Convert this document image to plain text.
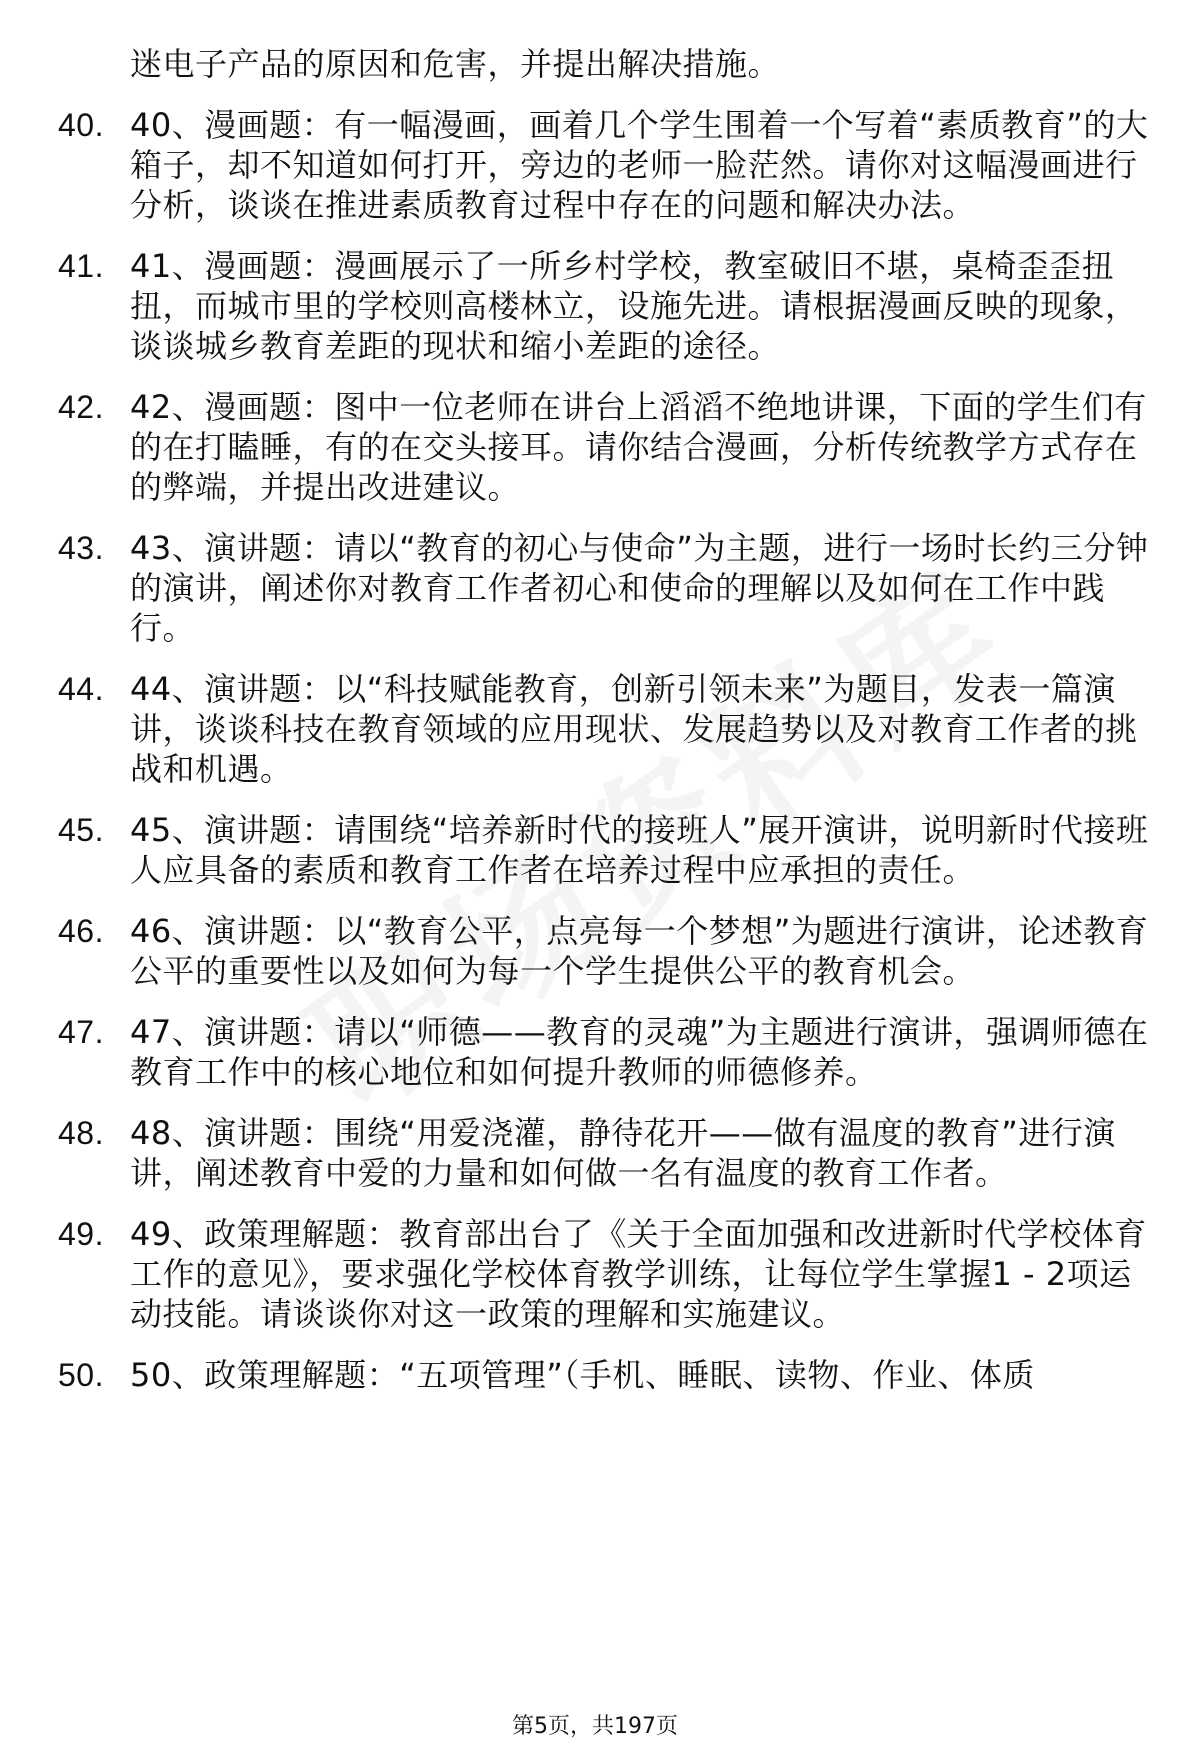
迷电子产品的原因和危害，并提出解决措施。
40. 40、漫画题：有一幅漫画，画着几个学生围着一个写着“素质教育”的大箱子，却不知道如何打开，旁边的老师一脸茫然。请你对这幅漫画进行分析，谈谈在推进素质教育过程中存在的问题和解决办法。
41. 41、漫画题：漫画展示了一所乡村学校，教室破旧不堪，桌椅歪歪扭扭，而城市里的学校则高楼林立，设施先进。请根据漫画反映的现象，谈谈城乡教育差距的现状和缩小差距的途径。
42. 42、漫画题：图中一位老师在讲台上滔滔不绝地讲课，下面的学生们有的在打瞌睡，有的在交头接耳。请你结合漫画，分析传统教学方式存在的弊端，并提出改进建议。
43. 43、演讲题：请以“教育的初心与使命”为主题，进行一场时长约三分钟的演讲，阐述你对教育工作者初心和使命的理解以及如何在工作中践行。
44. 44、演讲题：以“科技赋能教育，创新引领未来”为题目，发表一篇演讲，谈谈科技在教育领域的应用现状、发展趋势以及对教育工作者的挑战和机遇。
45. 45、演讲题：请围绕“培养新时代的接班人”展开演讲，说明新时代接班人应具备的素质和教育工作者在培养过程中应承担的责任。
46. 46、演讲题：以“教育公平，点亮每一个梦想”为题进行演讲，论述教育公平的重要性以及如何为每一个学生提供公平的教育机会。
47. 47、演讲题：请以“师德——教育的灵魂”为主题进行演讲，强调师德在教育工作中的核心地位和如何提升教师的师德修养。
48. 48、演讲题：围绕“用爱浇灌，静待花开——做有温度的教育”进行演讲，阐述教育中爱的力量和如何做一名有温度的教育工作者。
49. 49、政策理解题：教育部出台了《关于全面加强和改进新时代学校体育工作的意见》，要求强化学校体育教学训练，让每位学生掌握1 - 2项运动技能。请谈谈你对这一政策的理解和实施建议。
50. 50、政策理解题：“五项管理”（手机、睡眠、读物、作业、体质
第5页，共197页
